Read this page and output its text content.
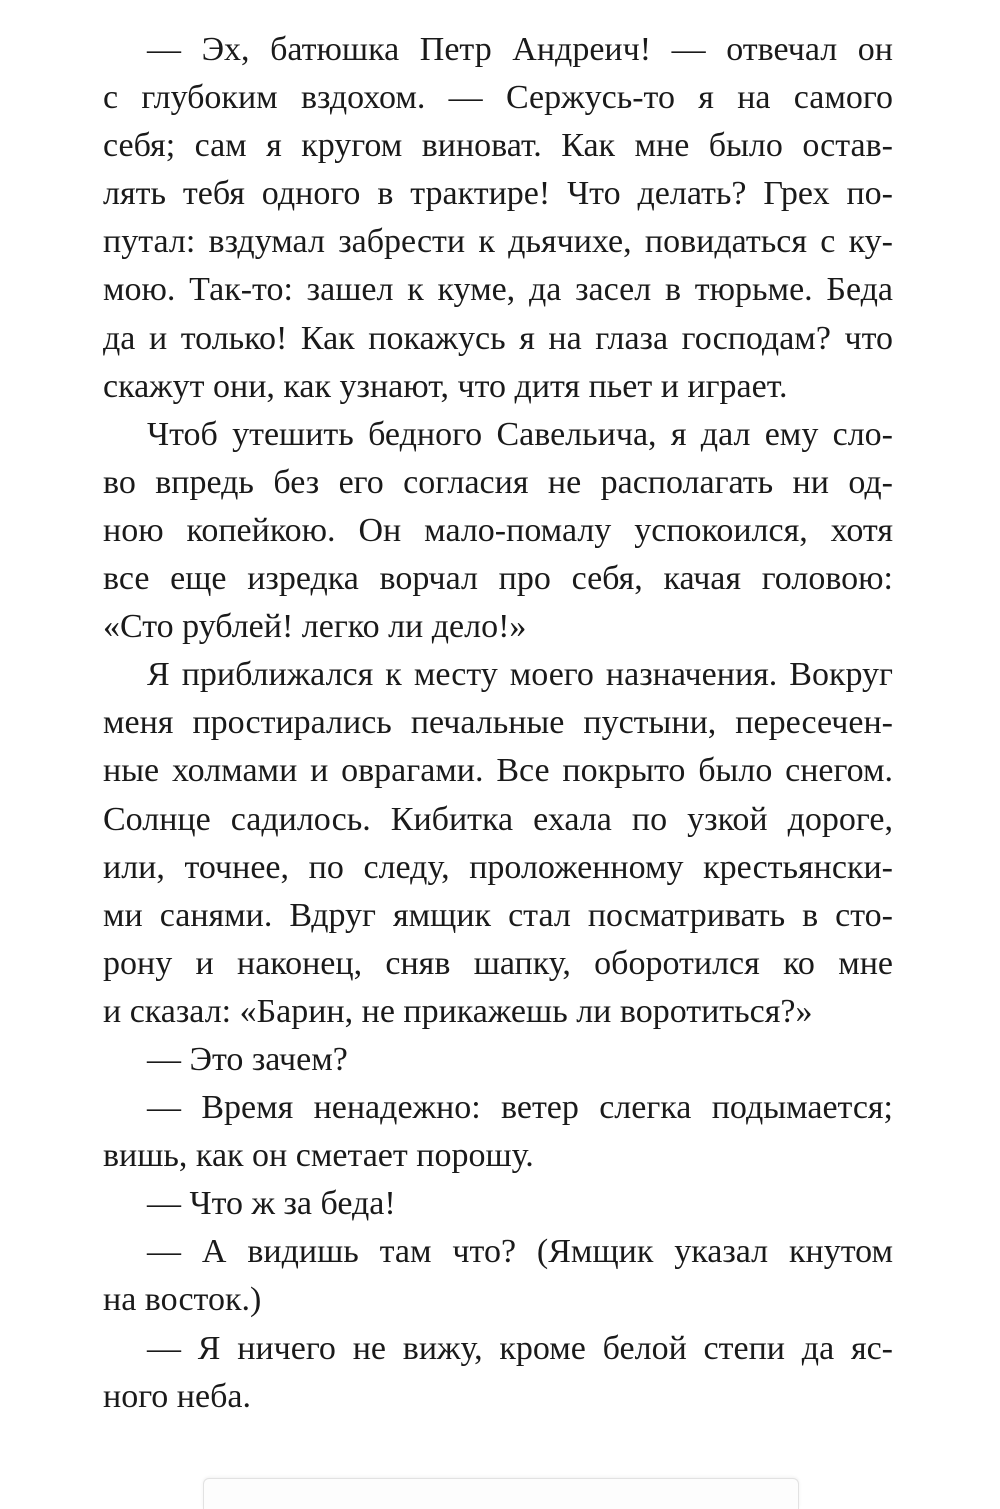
— Эх, батюшка Петр Андреич! — отвечал он
с глубоким вздохом. — Сержусь-то я на самого
себя; сам я кругом виноват. Как мне было остав-
лять тебя одного в трактире! Что делать? Грех по-
путал: вздумал забрести к дьячихе, повидаться с ку-
мою. Так-то: зашел к куме, да засел в тюрьме. Беда
да и только! Как покажусь я на глаза господам? что
скажут они, как узнают, что дитя пьет и играет.
Чтоб утешить бедного Савельича, я дал ему сло-
во впредь без его согласия не располагать ни од-
ною копейкою. Он мало-помалу успокоился, хотя
все еще изредка ворчал про себя, качая головою:
«Сто рублей! легко ли дело!»
Я приближался к месту моего назначения. Вокруг
меня простирались печальные пустыни, пересечен-
ные холмами и оврагами. Все покрыто было снегом.
Солнце садилось. Кибитка ехала по узкой дороге,
или, точнее, по следу, проложенному крестьянски-
ми санями. Вдруг ямщик стал посматривать в сто-
рону и наконец, сняв шапку, оборотился ко мне
и сказал: «Барин, не прикажешь ли воротиться?»
— Это зачем?
— Время ненадежно: ветер слегка подымается;
вишь, как он сметает порошу.
— Что ж за беда!
— А видишь там что? (Ямщик указал кнутом
на восток.)
— Я ничего не вижу, кроме белой степи да яс-
ного неба.
